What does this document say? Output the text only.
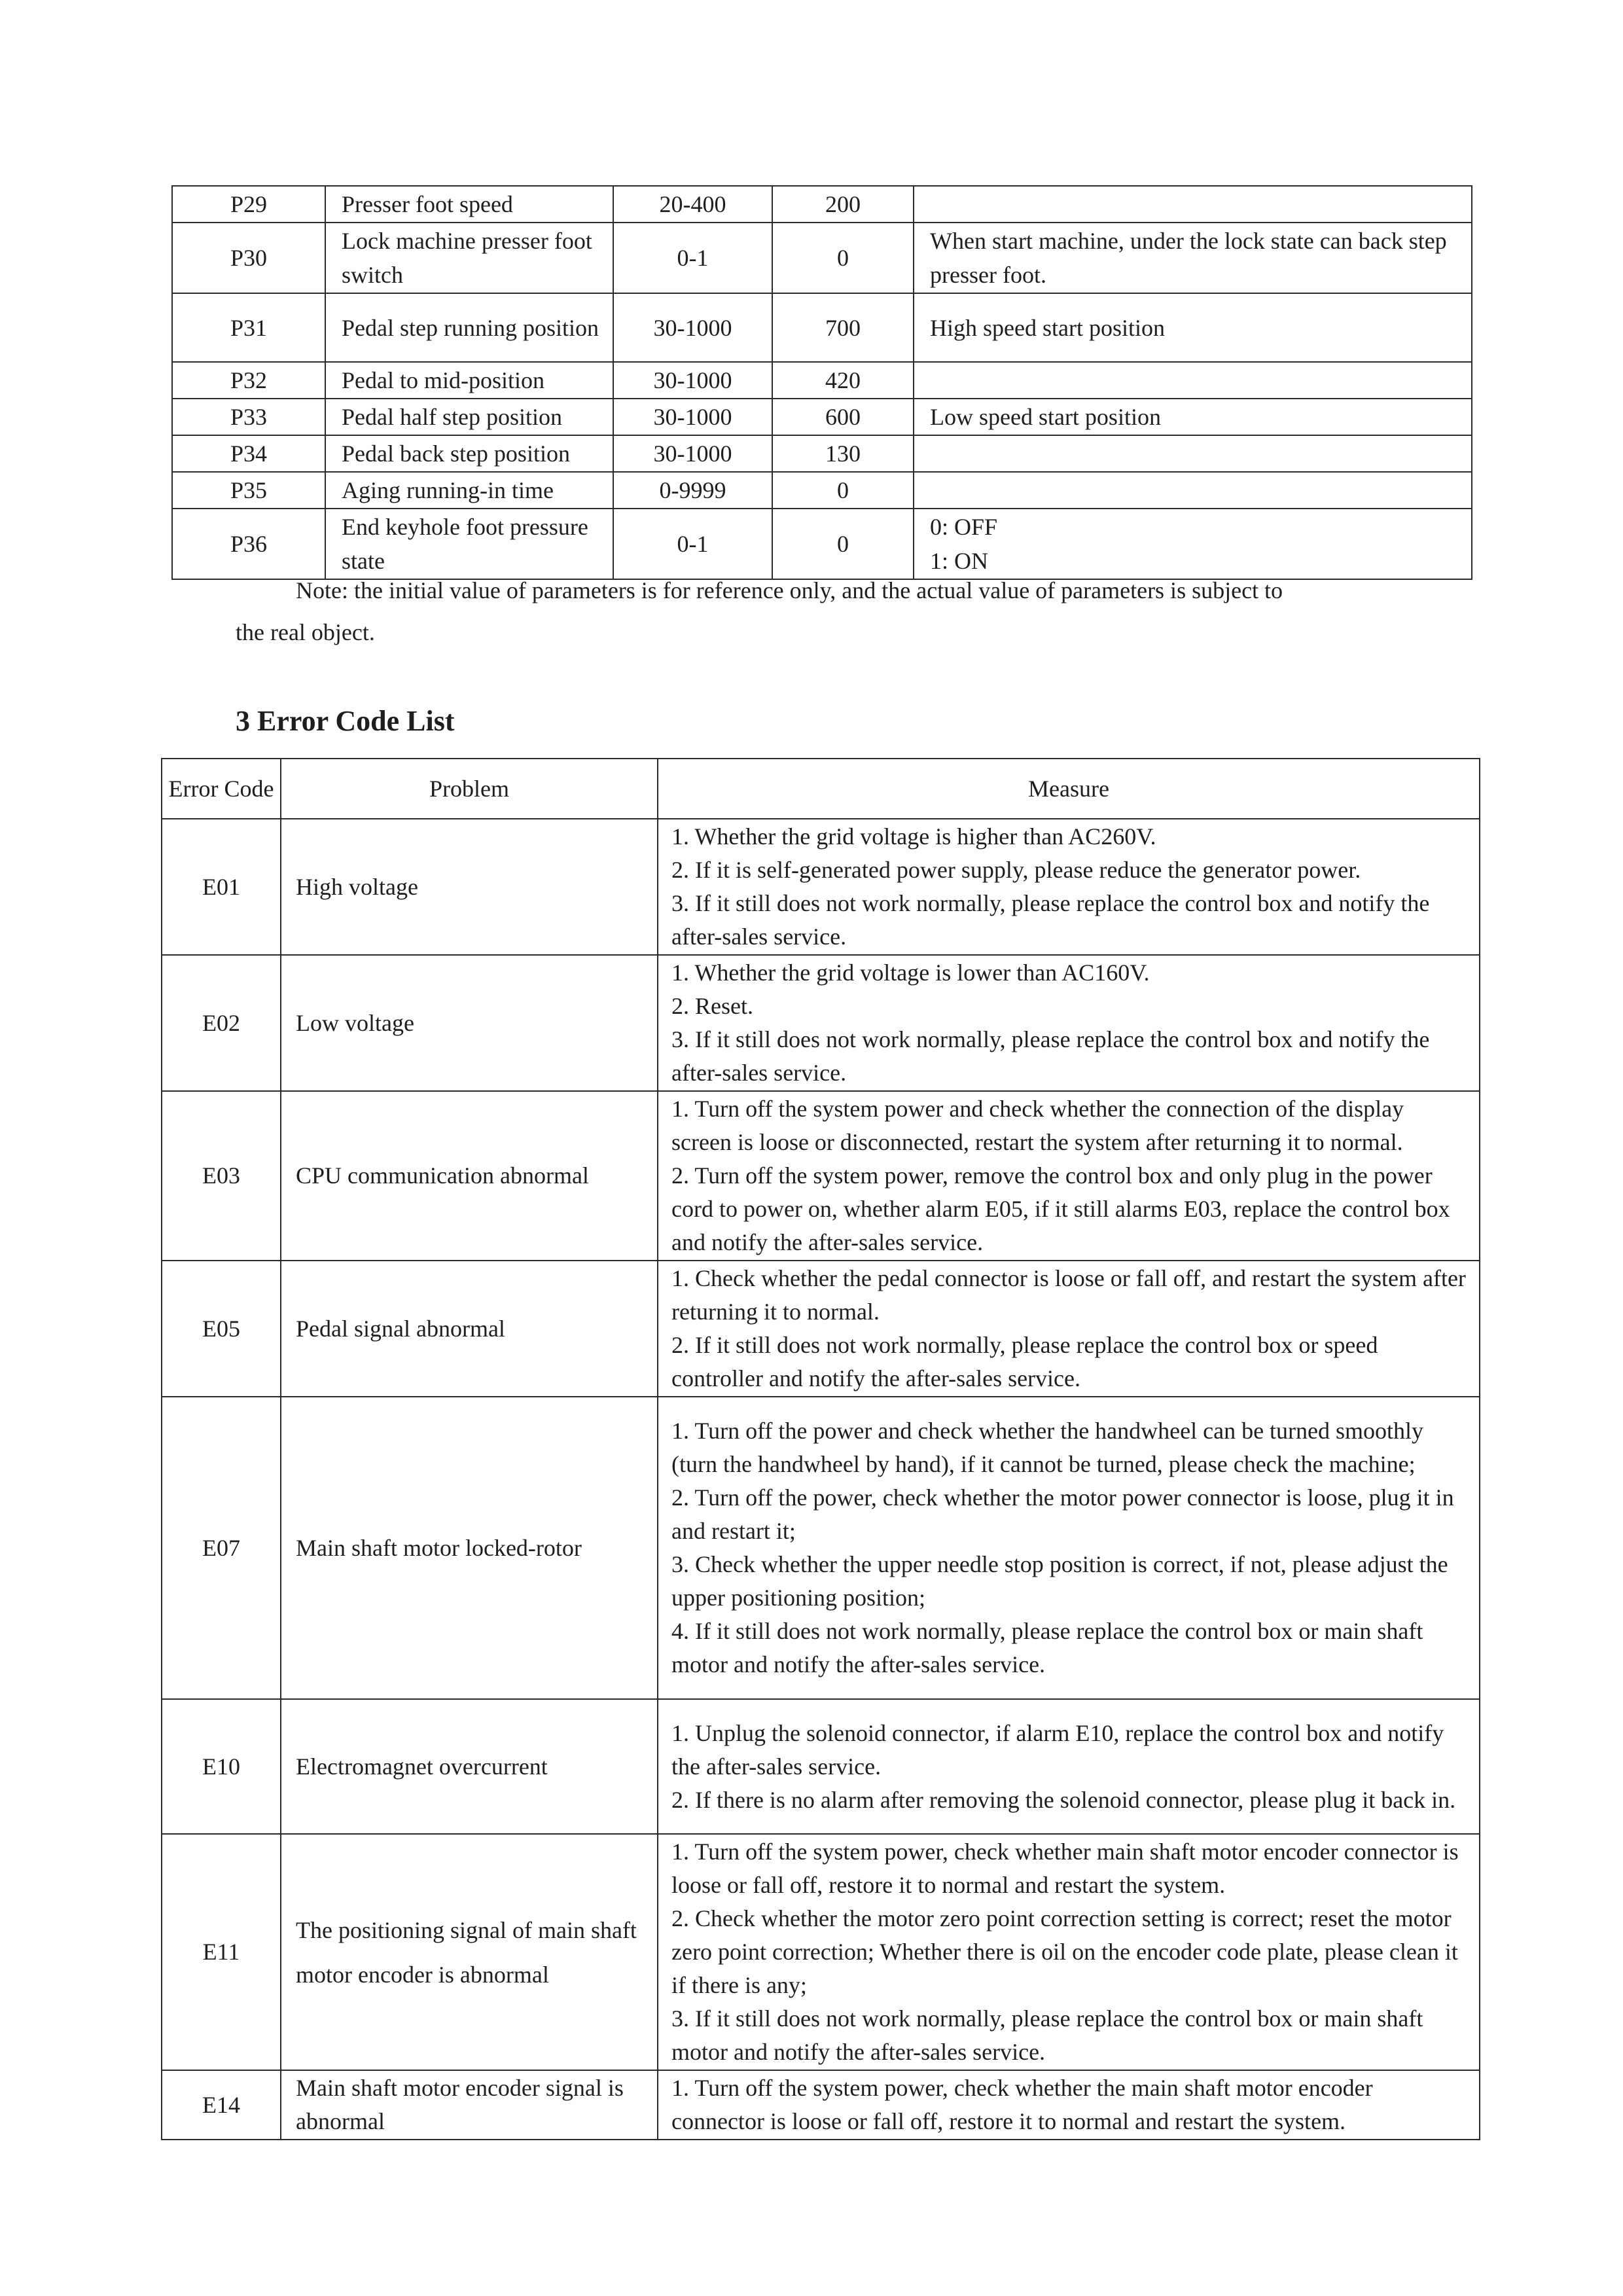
P29	Presser foot speed	20-400	200	
P30	Lock machine presser foot switch	0-1	0	When start machine, under the lock state can back step presser foot.
P31	Pedal step running position	30-1000	700	High speed start position
P32	Pedal to mid-position	30-1000	420	
P33	Pedal half step position	30-1000	600	Low speed start position
P34	Pedal back step position	30-1000	130	
P35	Aging running-in time	0-9999	0	
P36	End keyhole foot pressure state	0-1	0	0: OFF
1: ON
Note: the initial value of parameters is for reference only, and the actual value of parameters is subject to
the real object.
3 Error Code List
Error Code	Problem	Measure
E01	High voltage	1. Whether the grid voltage is higher than AC260V.
2. If it is self-generated power supply, please reduce the generator power.
3. If it still does not work normally, please replace the control box and notify the after-sales service.

E02	Low voltage	1. Whether the grid voltage is lower than AC160V.
2. Reset.
3. If it still does not work normally, please replace the control box and notify the after-sales service.

E03	CPU communication abnormal	1. Turn off the system power and check whether the connection of the display screen is loose or disconnected, restart the system after returning it to normal.
2. Turn off the system power, remove the control box and only plug in the power cord to power on, whether alarm E05, if it still alarms E03, replace the control box and notify the after-sales service.

E05	Pedal signal abnormal	1. Check whether the pedal connector is loose or fall off, and restart the system after returning it to normal.
2. If it still does not work normally, please replace the control box or speed controller and notify the after-sales service.

E07	Main shaft motor locked-rotor	1. Turn off the power and check whether the handwheel can be turned smoothly (turn the handwheel by hand), if it cannot be turned, please check the machine;
2. Turn off the power, check whether the motor power connector is loose, plug it in and restart it;
3. Check whether the upper needle stop position is correct, if not, please adjust the upper positioning position;
4. If it still does not work normally, please replace the control box or main shaft motor and notify the after-sales service.

E10	Electromagnet overcurrent	1. Unplug the solenoid connector, if alarm E10, replace the control box and notify the after-sales service.
2. If there is no alarm after removing the solenoid connector, please plug it back in.

E11	The positioning signal of main shaft motor encoder is abnormal	1. Turn off the system power, check whether main shaft motor encoder connector is loose or fall off, restore it to normal and restart the system.
2. Check whether the motor zero point correction setting is correct; reset the motor zero point correction; Whether there is oil on the encoder code plate, please clean it if there is any;
3. If it still does not work normally, please replace the control box or main shaft motor and notify the after-sales service.

E14	Main shaft motor encoder signal is abnormal	1. Turn off the system power, check whether the main shaft motor encoder connector is loose or fall off, restore it to normal and restart the system.
